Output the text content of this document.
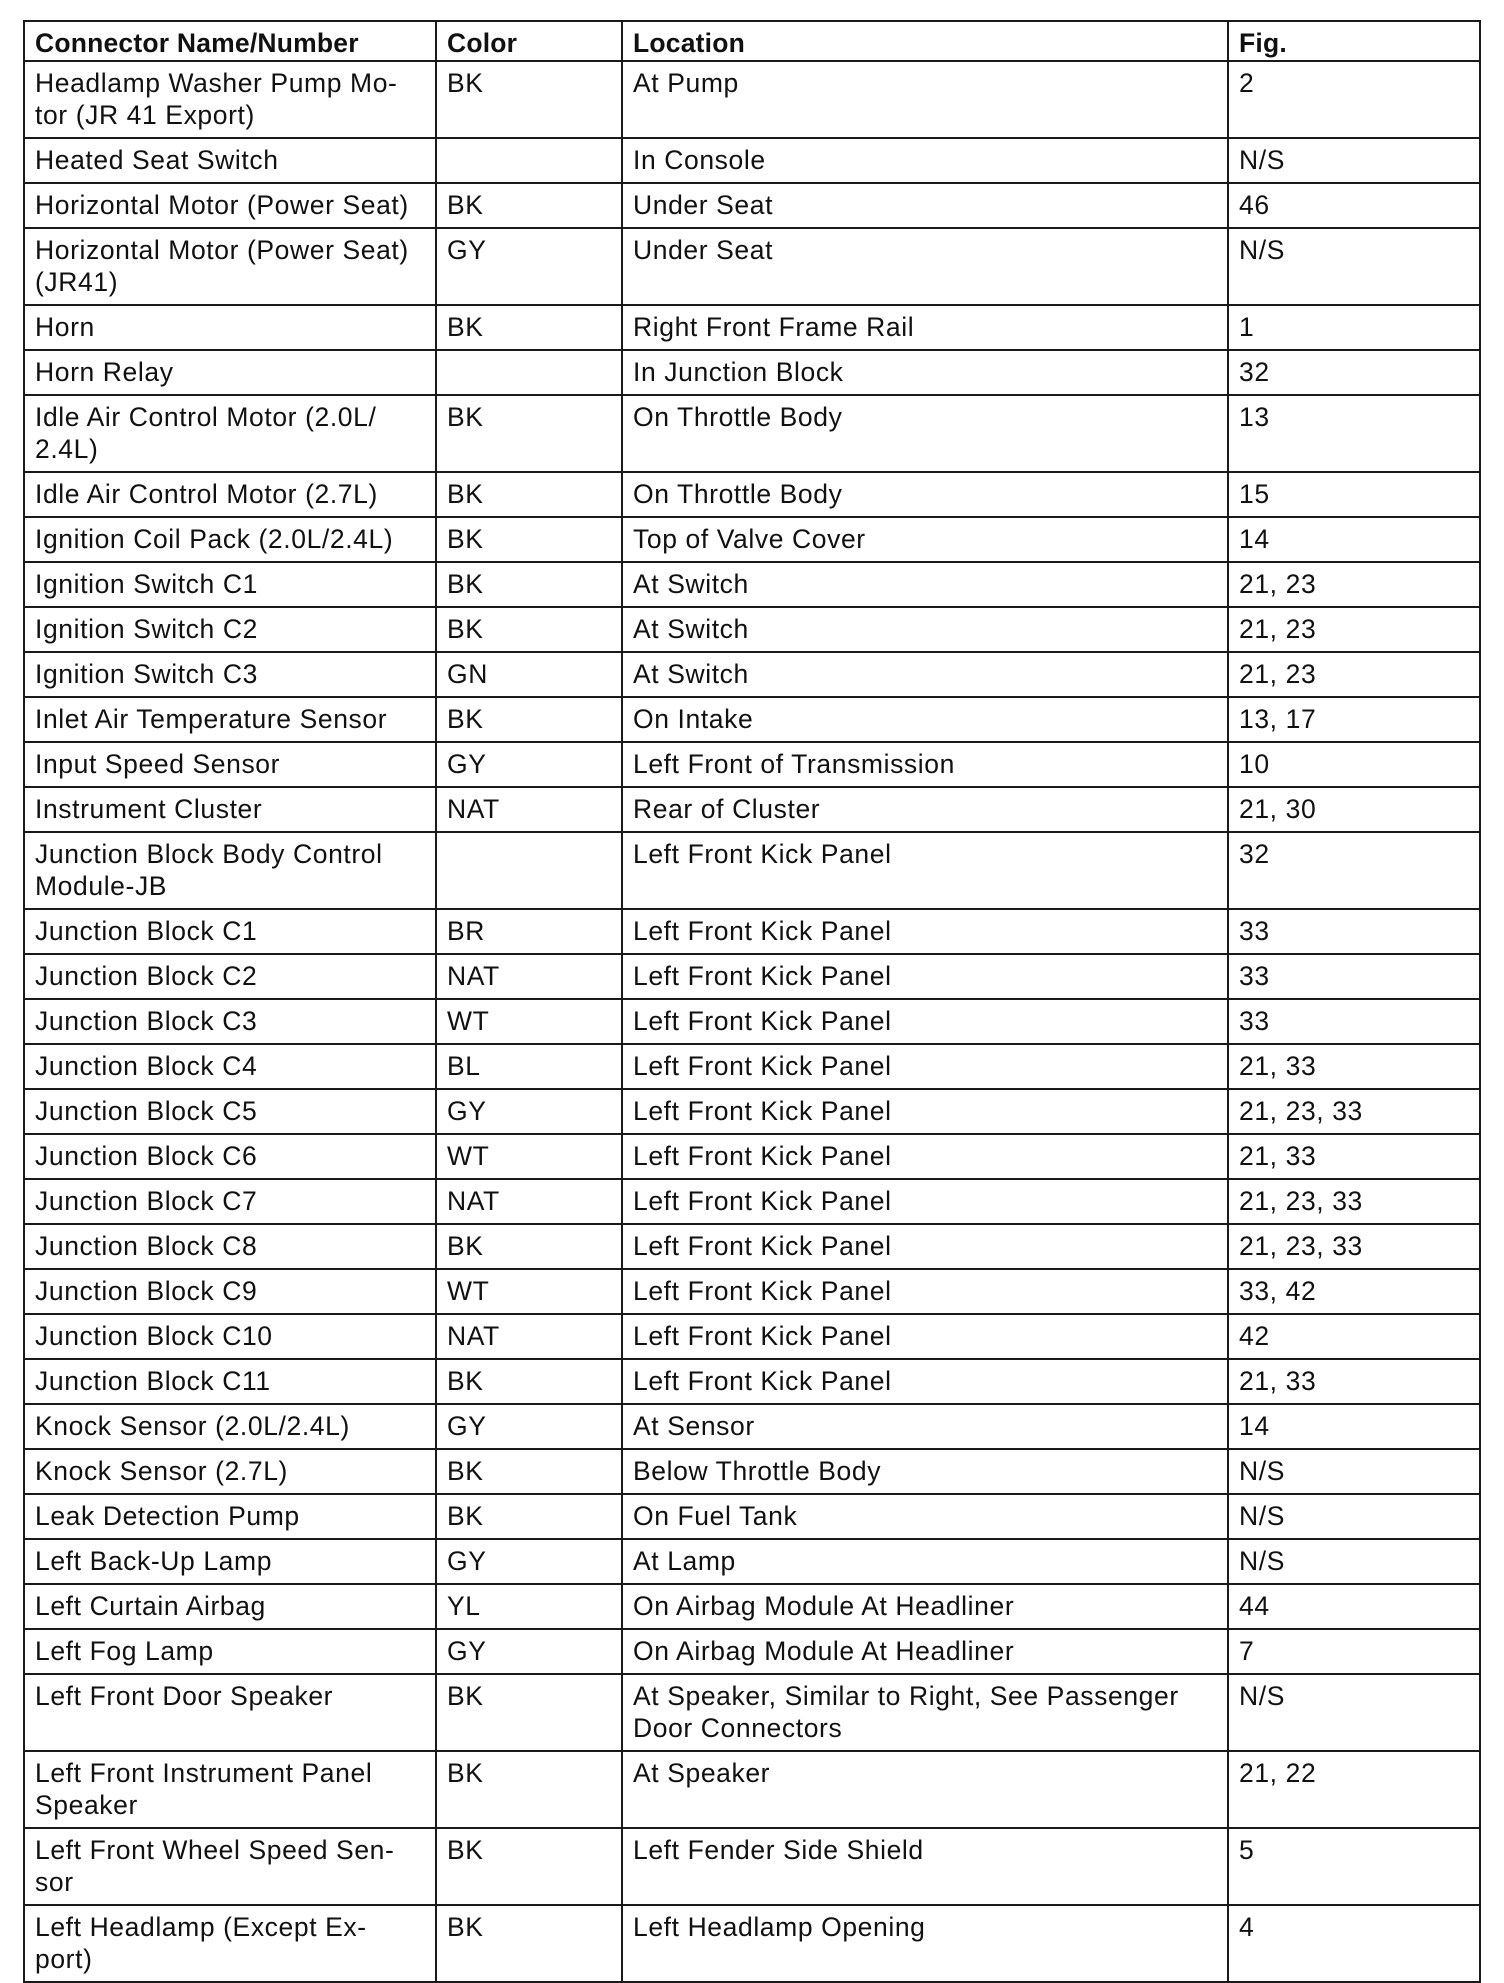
Connector Name/Number	Color	Location	Fig.
Headlamp Washer Pump Mo- tor (JR 41 Export)	BK	At Pump	2
Heated Seat Switch		In Console	N/S
Horizontal Motor (Power Seat)	BK	Under Seat	46
Horizontal Motor (Power Seat) (JR41)	GY	Under Seat	N/S
Horn	BK	Right Front Frame Rail	1
Horn Relay		In Junction Block	32
Idle Air Control Motor (2.0L/ 2.4L)	BK	On Throttle Body	13
Idle Air Control Motor (2.7L)	BK	On Throttle Body	15
Ignition Coil Pack (2.0L/2.4L)	BK	Top of Valve Cover	14
Ignition Switch C1	BK	At Switch	21, 23
Ignition Switch C2	BK	At Switch	21, 23
Ignition Switch C3	GN	At Switch	21, 23
Inlet Air Temperature Sensor	BK	On Intake	13, 17
Input Speed Sensor	GY	Left Front of Transmission	10
Instrument Cluster	NAT	Rear of Cluster	21, 30
Junction Block Body Control Module-JB		Left Front Kick Panel	32
Junction Block C1	BR	Left Front Kick Panel	33
Junction Block C2	NAT	Left Front Kick Panel	33
Junction Block C3	WT	Left Front Kick Panel	33
Junction Block C4	BL	Left Front Kick Panel	21, 33
Junction Block C5	GY	Left Front Kick Panel	21, 23, 33
Junction Block C6	WT	Left Front Kick Panel	21, 33
Junction Block C7	NAT	Left Front Kick Panel	21, 23, 33
Junction Block C8	BK	Left Front Kick Panel	21, 23, 33
Junction Block C9	WT	Left Front Kick Panel	33, 42
Junction Block C10	NAT	Left Front Kick Panel	42
Junction Block C11	BK	Left Front Kick Panel	21, 33
Knock Sensor (2.0L/2.4L)	GY	At Sensor	14
Knock Sensor (2.7L)	BK	Below Throttle Body	N/S
Leak Detection Pump	BK	On Fuel Tank	N/S
Left Back-Up Lamp	GY	At Lamp	N/S
Left Curtain Airbag	YL	On Airbag Module At Headliner	44
Left Fog Lamp	GY	On Airbag Module At Headliner	7
Left Front Door Speaker	BK	At Speaker, Similar to Right, See Passenger Door Connectors	N/S
Left Front Instrument Panel Speaker	BK	At Speaker	21, 22
Left Front Wheel Speed Sen- sor	BK	Left Fender Side Shield	5
Left Headlamp (Except Ex- port)	BK	Left Headlamp Opening	4
